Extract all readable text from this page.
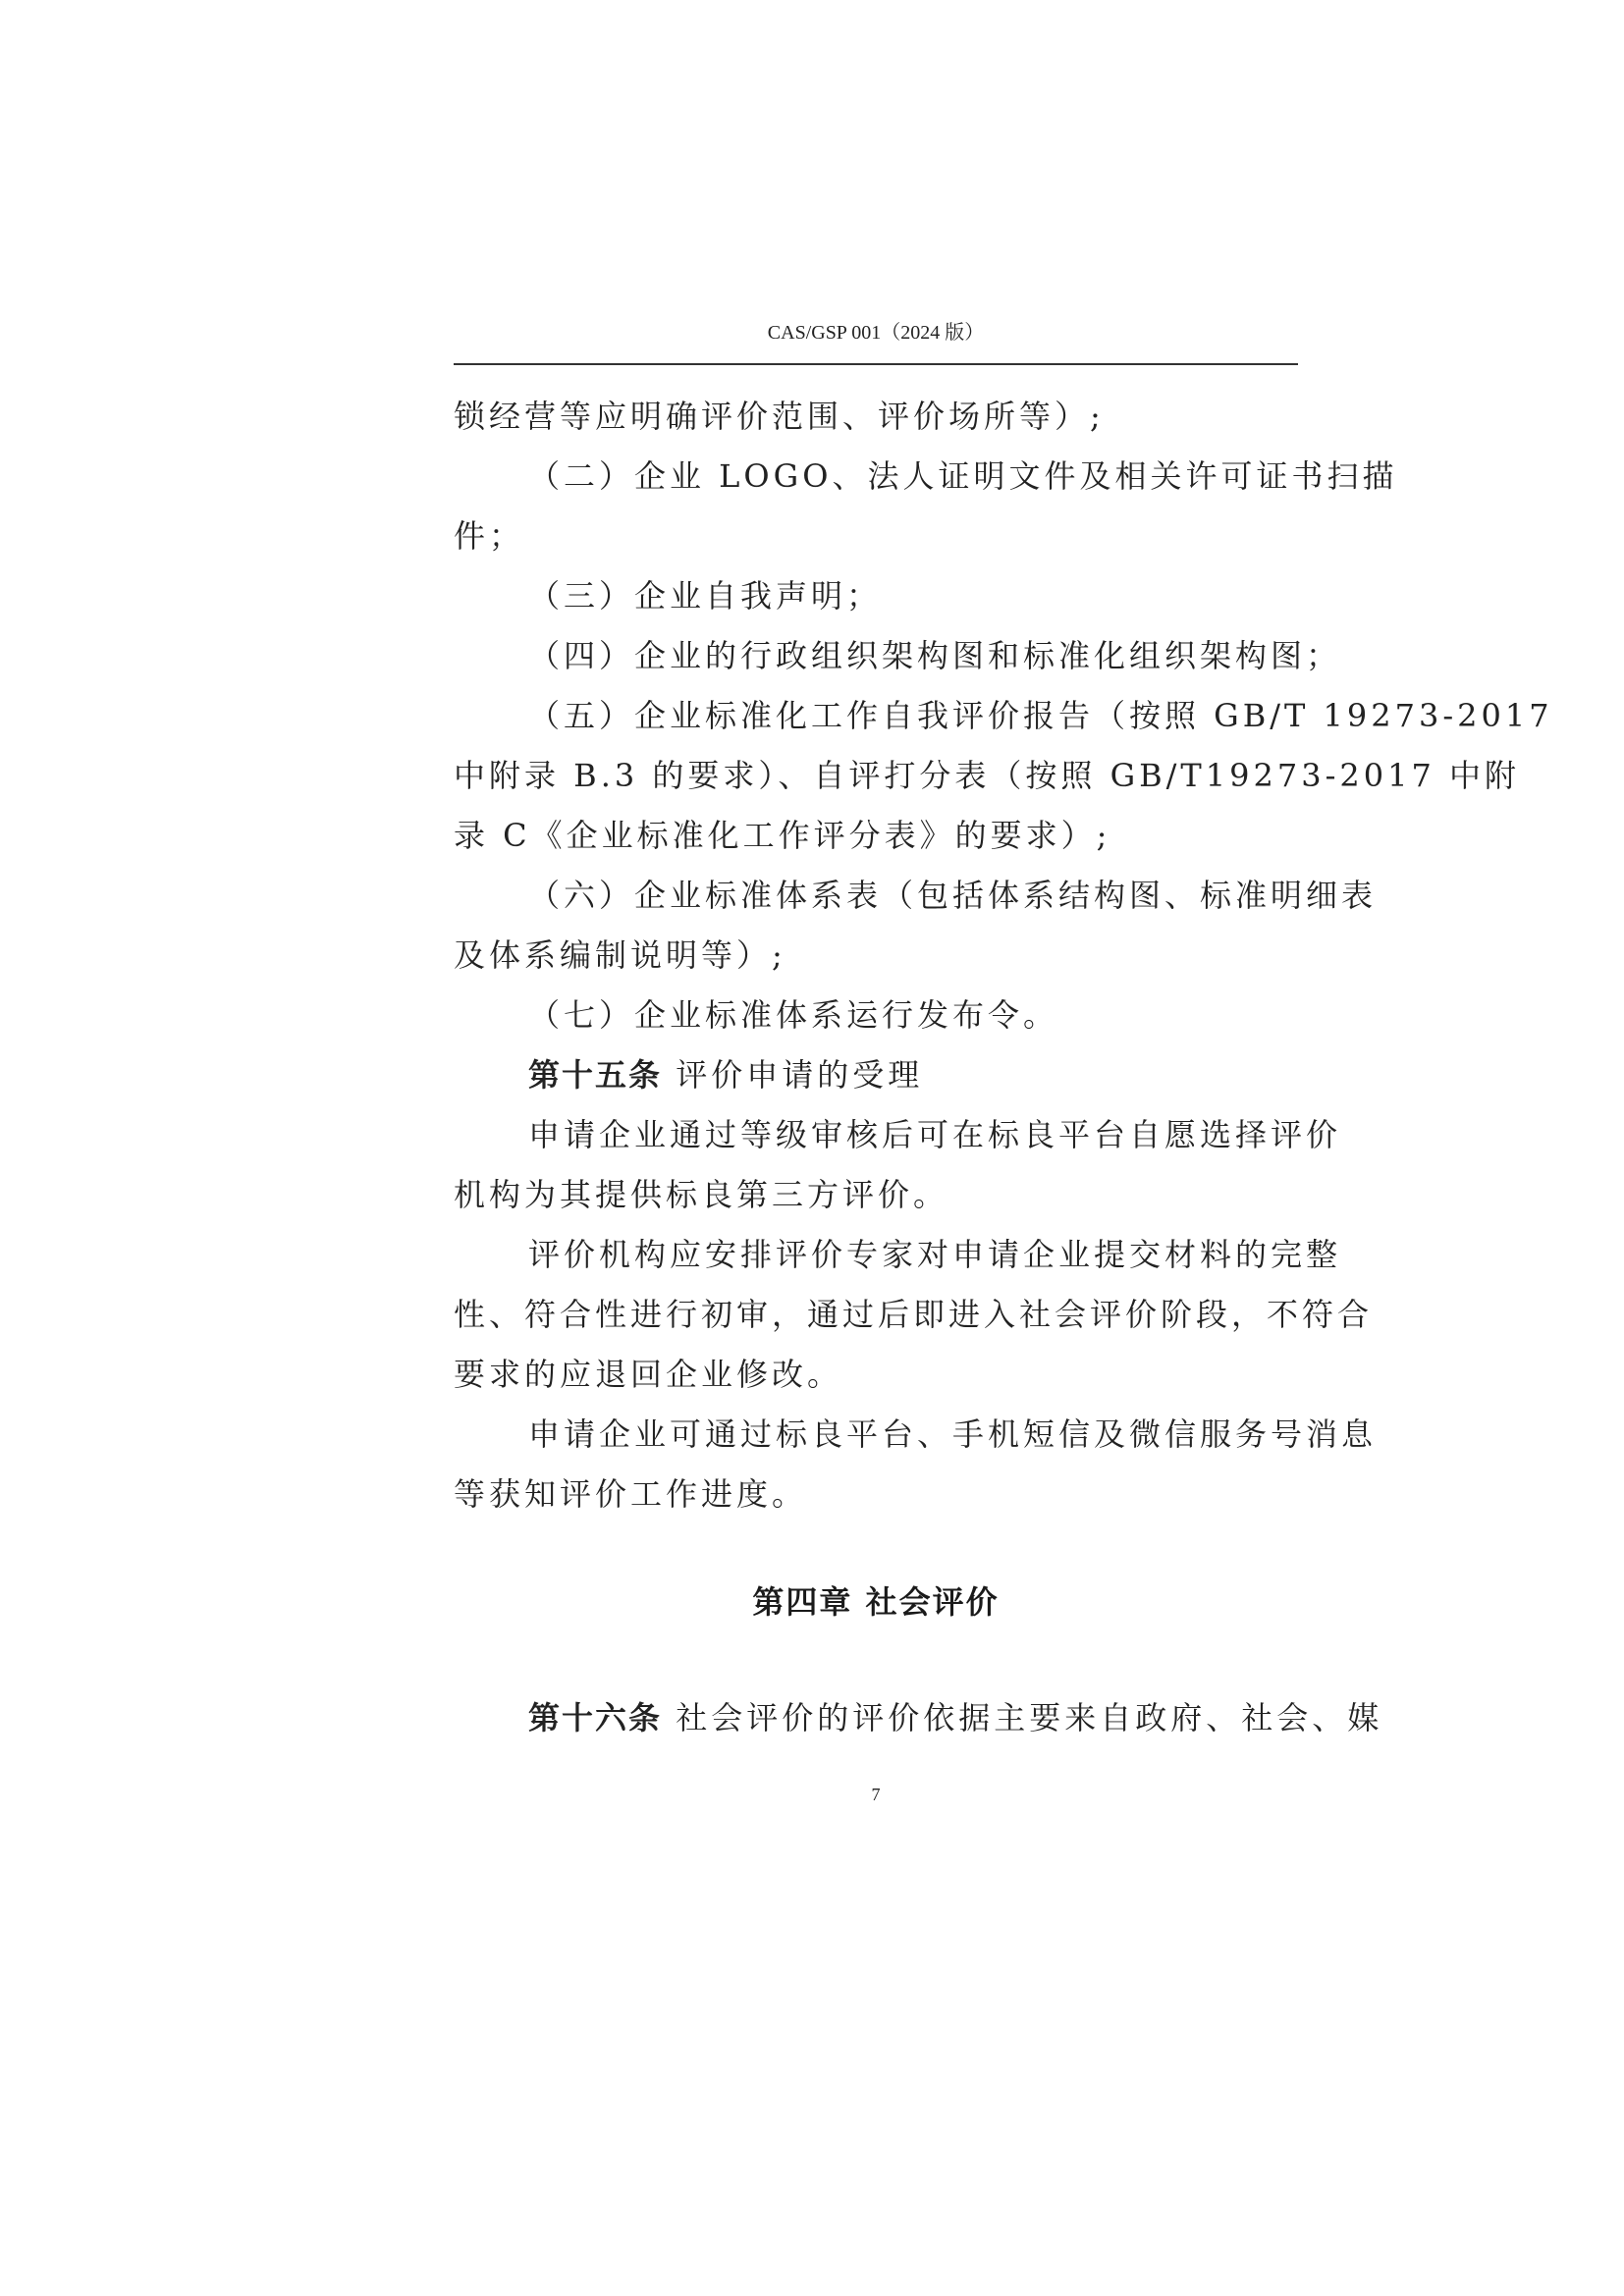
CAS/GSP 001（2024 版）
锁经营等应明确评价范围、评价场所等）;
（二）企业 LOGO、法人证明文件及相关许可证书扫描
件；
（三）企业自我声明；
（四）企业的行政组织架构图和标准化组织架构图；
（五）企业标准化工作自我评价报告（按照 GB/T 19273-2017
中附录 B.3 的要求）、自评打分表（按照 GB/T19273-2017 中附
录 C《企业标准化工作评分表》的要求）;
（六）企业标准体系表（包括体系结构图、标准明细表
及体系编制说明等）;
（七）企业标准体系运行发布令。
第十五条 评价申请的受理
申请企业通过等级审核后可在标良平台自愿选择评价
机构为其提供标良第三方评价。
评价机构应安排评价专家对申请企业提交材料的完整
性、符合性进行初审，通过后即进入社会评价阶段，不符合
要求的应退回企业修改。
申请企业可通过标良平台、手机短信及微信服务号消息
等获知评价工作进度。
第四章 社会评价
第十六条 社会评价的评价依据主要来自政府、社会、媒
7
